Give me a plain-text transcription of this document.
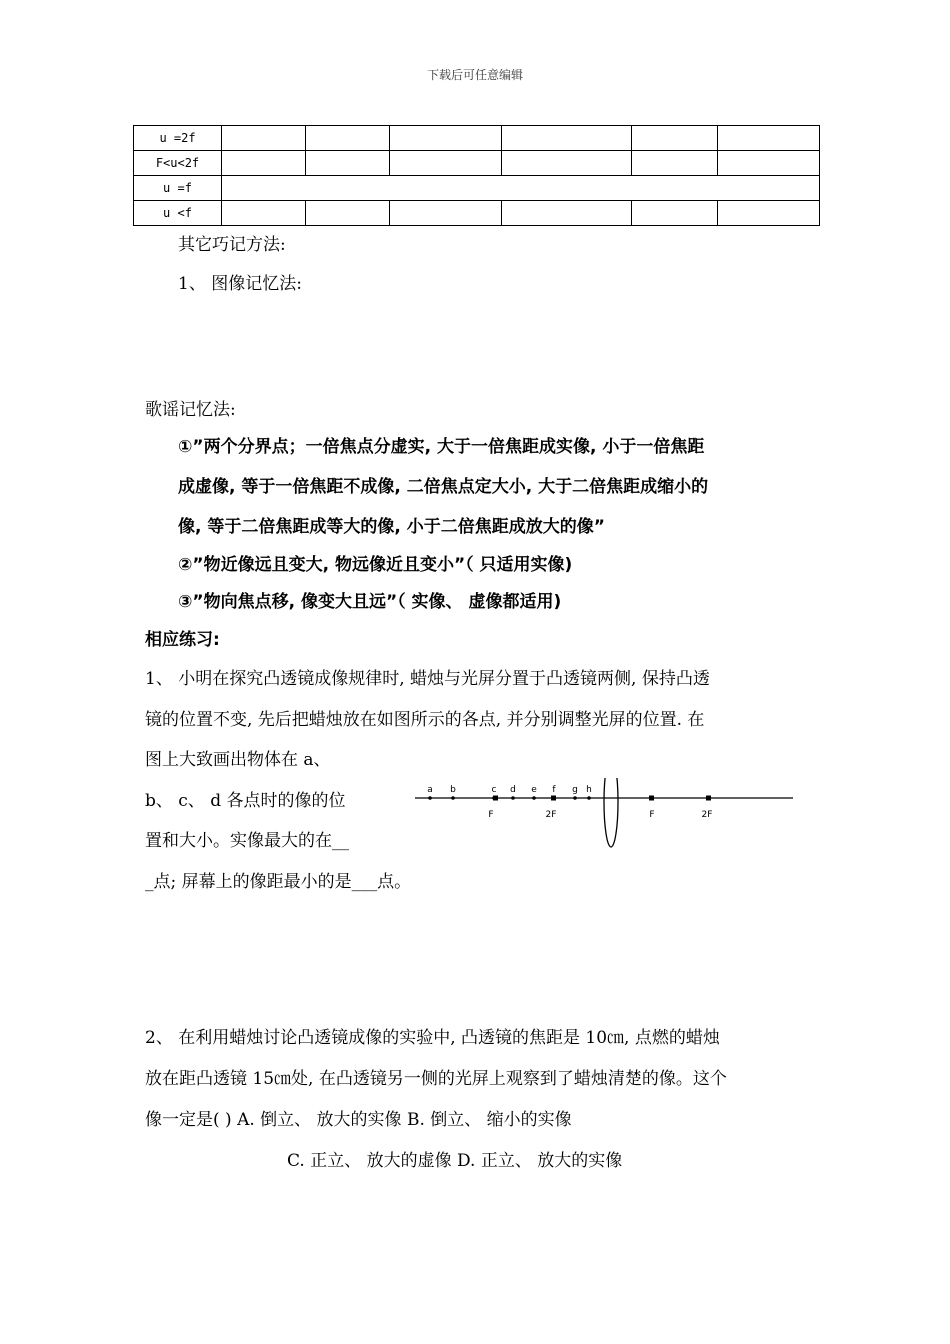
下载后可任意编辑
u =2f						
F<u<2f						
u =f						
u <f						
其它巧记方法:
1、 图像记忆法:
歌谣记忆法:
①”两个分界点；一倍焦点分虚实, 大于一倍焦距成实像, 小于一倍焦距
成虚像, 等于一倍焦距不成像, 二倍焦点定大小, 大于二倍焦距成缩小的
像, 等于二倍焦距成等大的像, 小于二倍焦距成放大的像”
②”物近像远且变大, 物远像近且变小”（ 只适用实像)
③”物向焦点移, 像变大且远”（ 实像、 虚像都适用)
相应练习:
1、 小明在探究凸透镜成像规律时, 蜡烛与光屏分置于凸透镜两侧, 保持凸透
镜的位置不变, 先后把蜡烛放在如图所示的各点, 并分别调整光屏的位置. 在
图上大致画出物体在 a、
b、 c、 d 各点时的像的位
置和大小。实像最大的在__
_点; 屏幕上的像距最小的是___点。
a b	c d e f g h
F	2F	F	2F
2、 在利用蜡烛讨论凸透镜成像的实验中, 凸透镜的焦距是 10㎝, 点燃的蜡烛
放在距凸透镜 15㎝处, 在凸透镜另一侧的光屏上观察到了蜡烛清楚的像。这个
像一定是( ) A. 倒立、 放大的实像 B. 倒立、 缩小的实像
C. 正立、 放大的虚像 D. 正立、 放大的实像
